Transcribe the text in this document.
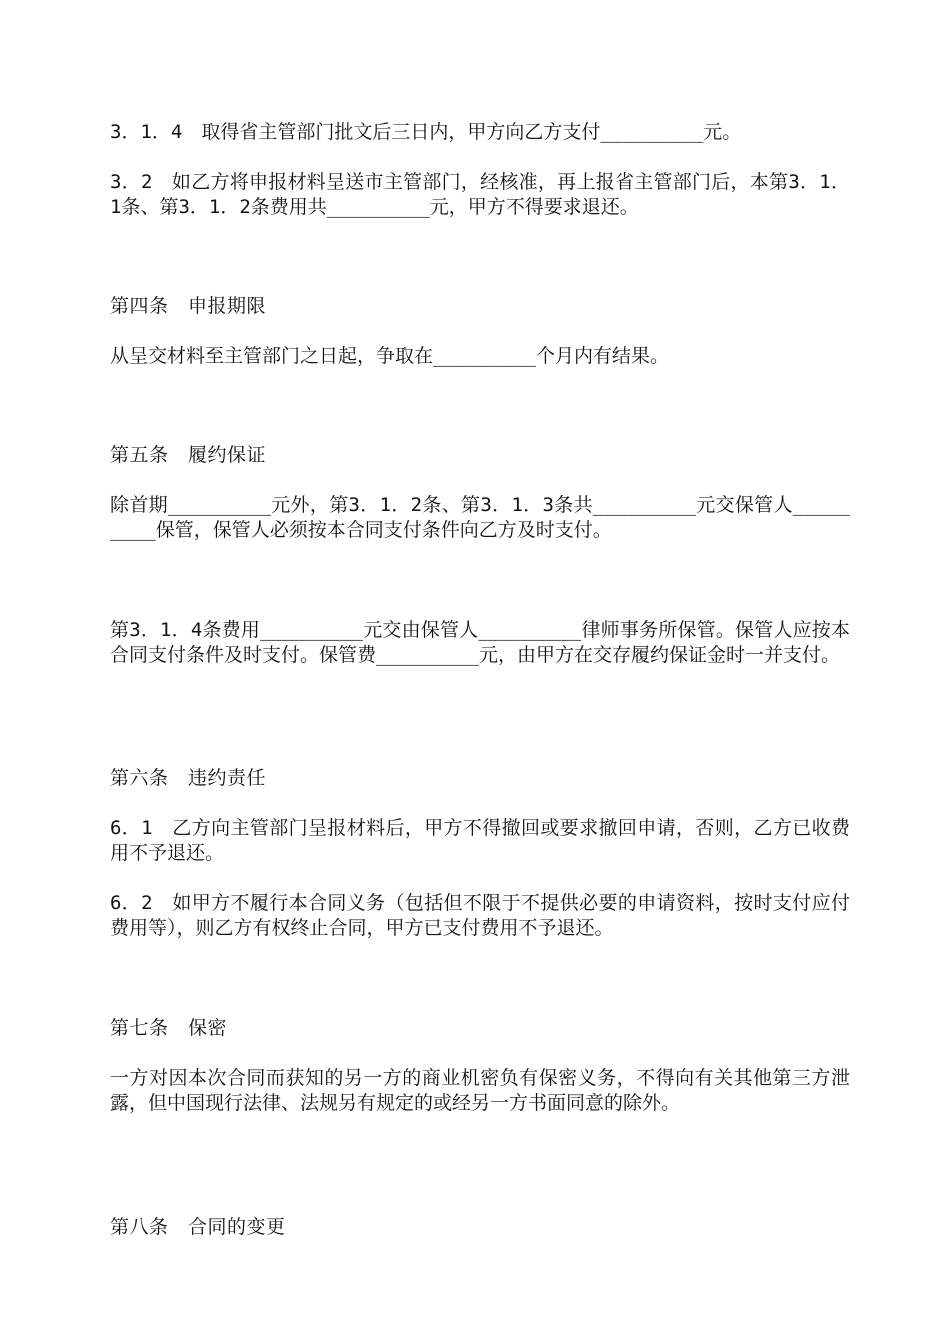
3．1．4　取得省主管部门批文后三日内，甲方向乙方支付_________元。

3．2　如乙方将申报材料呈送市主管部门，经核准，再上报省主管部门后，本第3．1．1条、第3．1．2条费用共_________元，甲方不得要求退还。

第四条　申报期限

从呈交材料至主管部门之日起，争取在_________个月内有结果。

第五条　履约保证

除首期_________元外，第3．1．2条、第3．1．3条共_________元交保管人_________保管，保管人必须按本合同支付条件向乙方及时支付。

第3．1．4条费用_________元交由保管人_________律师事务所保管。保管人应按本合同支付条件及时支付。保管费_________元，由甲方在交存履约保证金时一并支付。

第六条　违约责任

6．1　乙方向主管部门呈报材料后，甲方不得撤回或要求撤回申请，否则，乙方已收费用不予退还。

6．2　如甲方不履行本合同义务（包括但不限于不提供必要的申请资料，按时支付应付费用等），则乙方有权终止合同，甲方已支付费用不予退还。

第七条　保密

一方对因本次合同而获知的另一方的商业机密负有保密义务，不得向有关其他第三方泄露，但中国现行法律、法规另有规定的或经另一方书面同意的除外。

第八条　合同的变更
